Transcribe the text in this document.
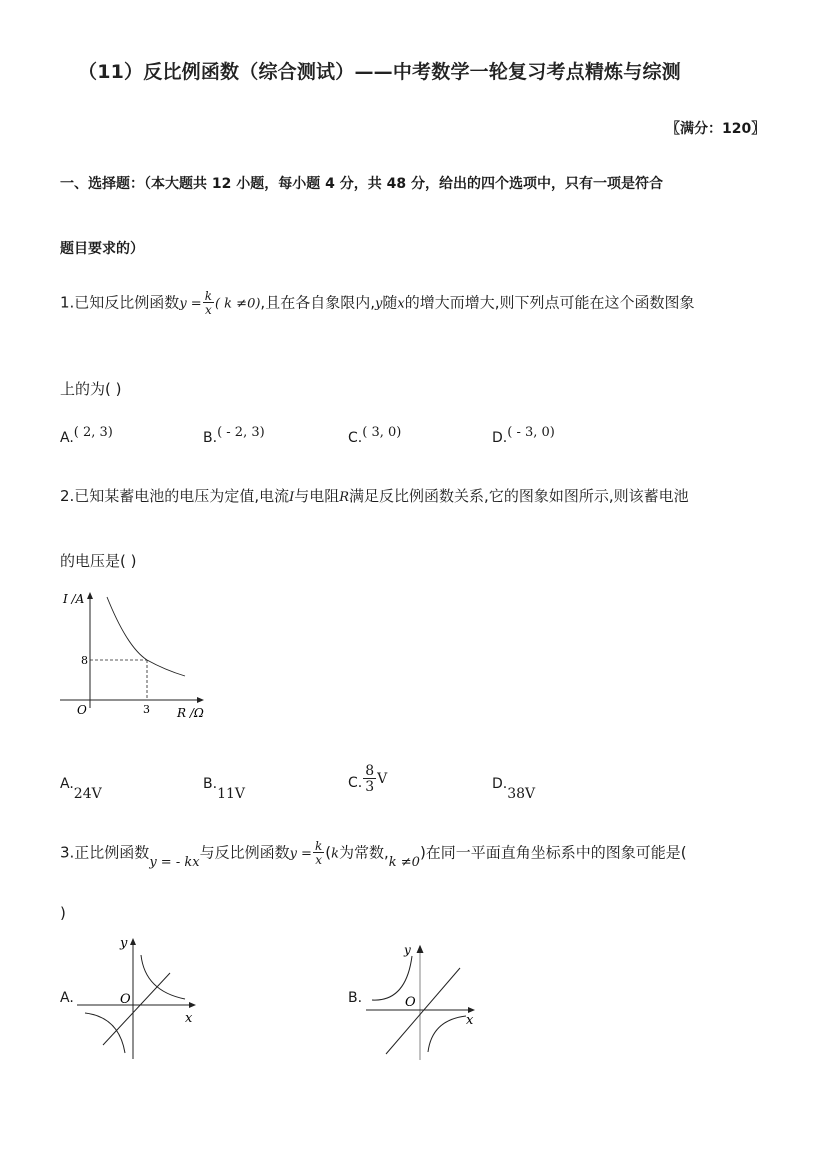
（11）反比例函数（综合测试）——中考数学一轮复习考点精炼与综测
〖满分：120〗
一、选择题：（本大题共 12 小题，每小题 4 分，共 48 分，给出的四个选项中，只有一项是符合
题目要求的）
1.已知反比例函数$y = \frac{k}{x}$ ( k ≠0),且在各自象限内,y随x的增大而增大,则下列点可能在这个函数图象
上的为( )
A.( 2, 3)	B.( - 2, 3)	C.( 3, 0)	D.( - 3, 0)
2.已知某蓄电池的电压为定值,电流I与电阻R满足反比例函数关系,它的图象如图所示,则该蓄电池
的电压是( )
I /A
R /Ω
O	3
8
A.24V
B.11V
C. $\frac{8}{3}$ V	D.38V
3.正比例函数y = - kx与反比例函数$y = \frac{k}{x} (k$为常数,k ≠0)在同一平面直角坐标系中的图象可能是(
)
A.
y
x
O	B.
y
x
O
